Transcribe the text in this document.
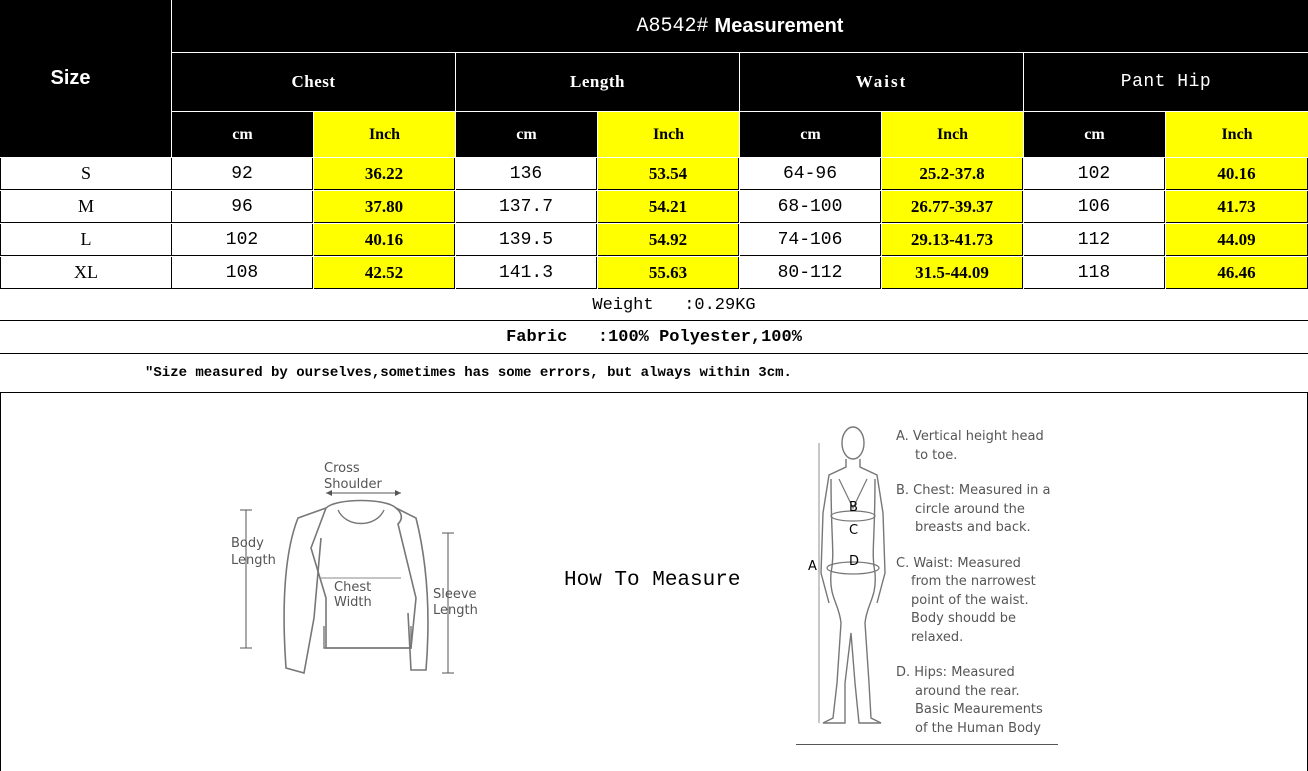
Size
A8542# Measurement
Chest	Length	Waist	Pant Hip
cm	Inch	cm	Inch	cm	Inch	cm	Inch
S	92	36.22	136	53.54	64-96	25.2-37.8	102	40.16
M	96	37.80	137.7	54.21	68-100	26.77-39.37	106	41.73
L	102	40.16	139.5	54.92	74-106	29.13-41.73	112	44.09
XL	108	42.52	141.3	55.63	80-112	31.5-44.09	118	46.46
Weight   :0.29KG
Fabric   :100% Polyester,100%
"Size measured by ourselves,sometimes has some errors, but always within 3cm.
Cross
Shoulder
Body
Length
Chest
Width
Sleeve
Length
How To Measure
A
B
C
D
A. Vertical height head
to toe.
B. Chest: Measured in a
circle around the
breasts and back.
C. Waist: Measured
from the narrowest
point of the waist.
Body shoudd be
relaxed.
D. Hips: Measured
around the rear.
Basic Meaurements
of the Human Body
